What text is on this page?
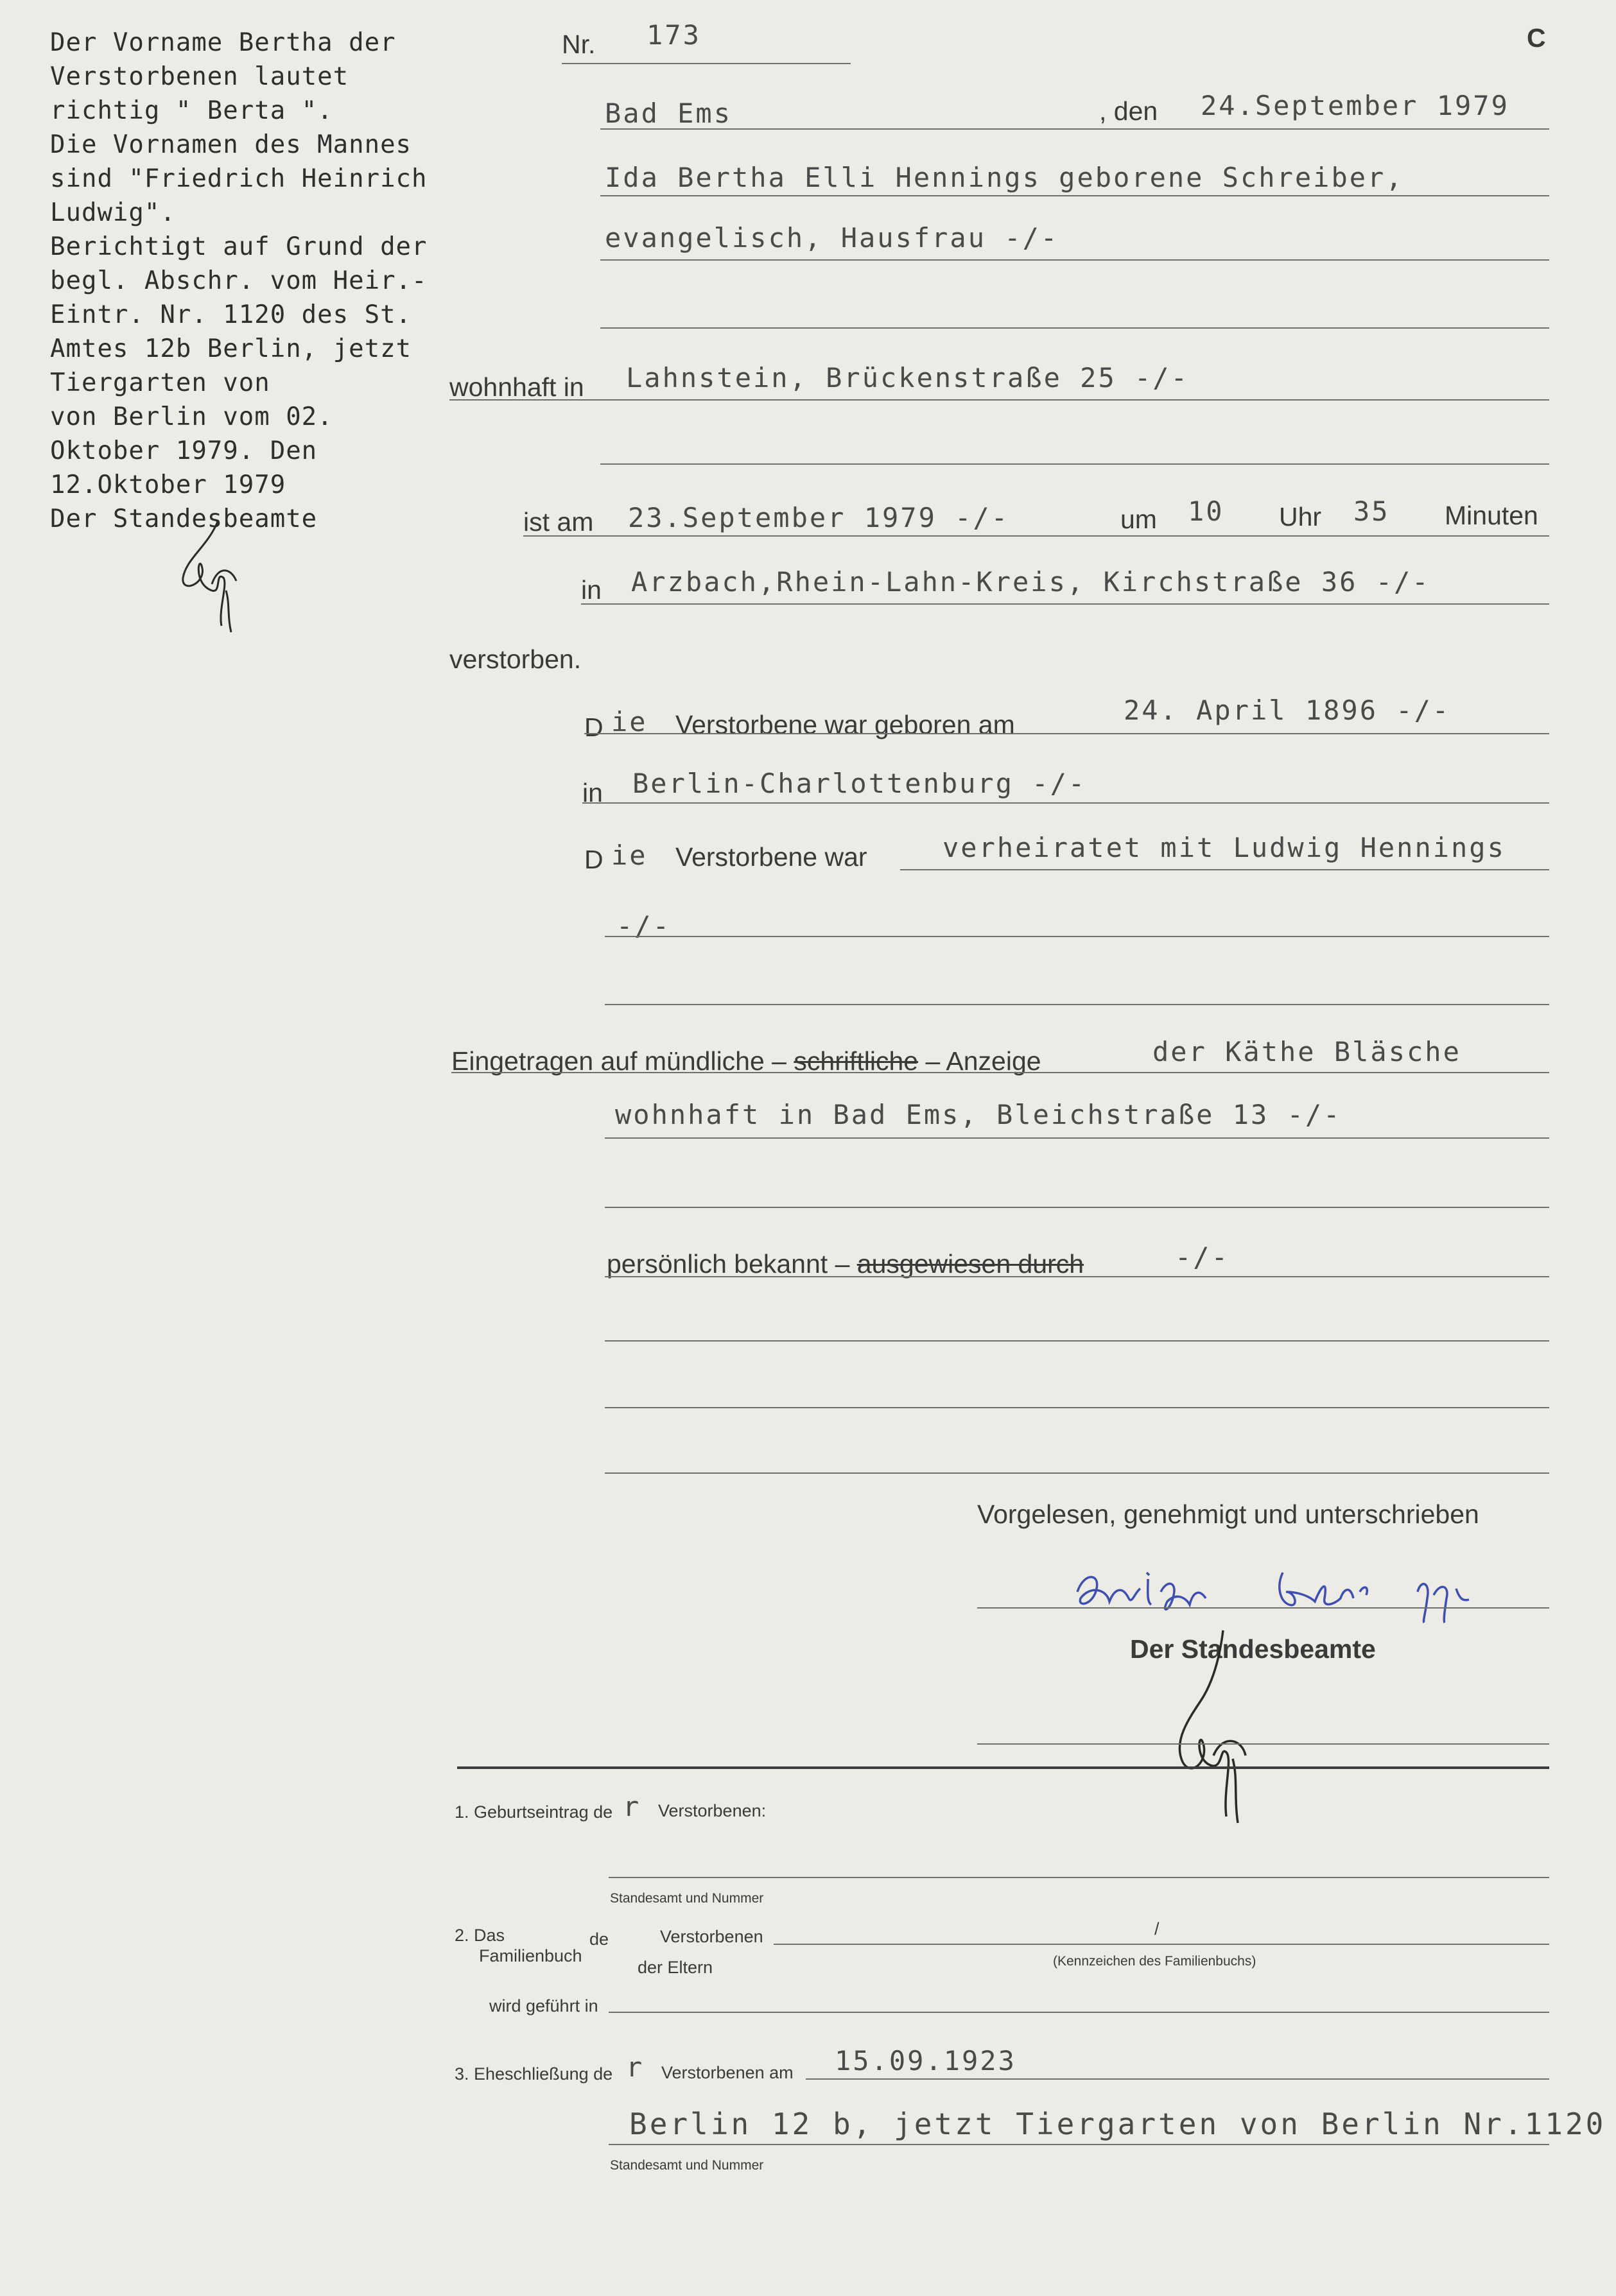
Der Vorname Bertha der
Verstorbenen lautet
richtig " Berta ".
Die Vornamen des Mannes
sind "Friedrich Heinrich
Ludwig".
Berichtigt auf Grund der
begl. Abschr. vom Heir.-
Eintr. Nr. 1120 des St.
Amtes 12b Berlin, jetzt
Tiergarten von
von Berlin vom 02.
Oktober 1979. Den
12.Oktober 1979
Der Standesbeamte
Nr. 173	C
Bad Ems	, den 24.September 1979
Ida Bertha Elli Hennings geborene Schreiber,
evangelisch, Hausfrau -/-
wohnhaft in Lahnstein, Brückenstraße 25 -/-
ist am 23.September 1979 -/-	um 10 Uhr 35 Minuten
in Arzbach,Rhein-Lahn-Kreis, Kirchstraße 36 -/-
verstorben.
D ie Verstorbene war geboren am	24. April 1896 -/-
in Berlin-Charlottenburg -/-
D ie Verstorbene war	verheiratet mit Ludwig Hennings
-/-
Eingetragen auf mündliche – schriftliche – Anzeige	der Käthe Bläsche
wohnhaft in Bad Ems, Bleichstraße 13 -/-
persönlich bekannt – ausgewiesen durch	-/-
Vorgelesen, genehmigt und unterschrieben
Der Standesbeamte
1. Geburtseintrag de r Verstorbenen:
Standesamt und Nummer
2. Das
Familienbuch
de	Verstorbenen
der Eltern
/
(Kennzeichen des Familienbuchs)
wird geführt in
3. Eheschließung de r Verstorbenen am 15.09.1923
Berlin 12 b, jetzt Tiergarten von Berlin Nr.1120
Standesamt und Nummer
